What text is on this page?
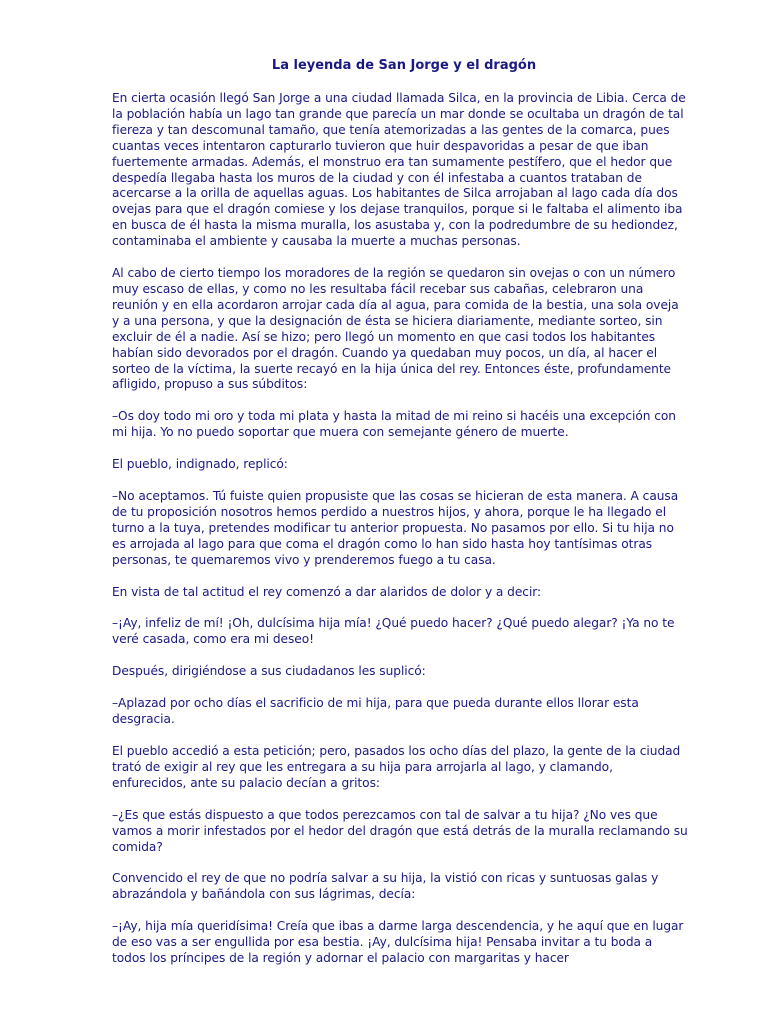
La leyenda de San Jorge y el dragón

En cierta ocasión llegó San Jorge a una ciudad llamada Silca, en la provincia de Libia. Cerca de la población había un lago tan grande que parecía un mar donde se ocultaba un dragón de tal fiereza y tan descomunal tamaño, que tenía atemorizadas a las gentes de la comarca, pues cuantas veces intentaron capturarlo tuvieron que huir despavoridas a pesar de que iban fuertemente armadas. Además, el monstruo era tan sumamente pestífero, que el hedor que despedía llegaba hasta los muros de la ciudad y con él infestaba a cuantos trataban de acercarse a la orilla de aquellas aguas. Los habitantes de Silca arrojaban al lago cada día dos ovejas para que el dragón comiese y los dejase tranquilos, porque si le faltaba el alimento iba en busca de él hasta la misma muralla, los asustaba y, con la podredumbre de su hediondez, contaminaba el ambiente y causaba la muerte a muchas personas.

Al cabo de cierto tiempo los moradores de la región se quedaron sin ovejas o con un número muy escaso de ellas, y como no les resultaba fácil recebar sus cabañas, celebraron una reunión y en ella acordaron arrojar cada día al agua, para comida de la bestia, una sola oveja y a una persona, y que la designación de ésta se hiciera diariamente, mediante sorteo, sin excluir de él a nadie. Así se hizo; pero llegó un momento en que casi todos los habitantes habían sido devorados por el dragón. Cuando ya quedaban muy pocos, un día, al hacer el sorteo de la víctima, la suerte recayó en la hija única del rey. Entonces éste, profundamente afligido, propuso a sus súbditos:

–Os doy todo mi oro y toda mi plata y hasta la mitad de mi reino si hacéis una excepción con mi hija. Yo no puedo soportar que muera con semejante género de muerte.

El pueblo, indignado, replicó:

–No aceptamos. Tú fuiste quien propusiste que las cosas se hicieran de esta manera. A causa de tu proposición nosotros hemos perdido a nuestros hijos, y ahora, porque le ha llegado el turno a la tuya, pretendes modificar tu anterior propuesta. No pasamos por ello. Si tu hija no es arrojada al lago para que coma el dragón como lo han sido hasta hoy tantísimas otras personas, te quemaremos vivo y prenderemos fuego a tu casa.

En vista de tal actitud el rey comenzó a dar alaridos de dolor y a decir:

–¡Ay, infeliz de mí! ¡Oh, dulcísima hija mía! ¿Qué puedo hacer? ¿Qué puedo alegar? ¡Ya no te veré casada, como era mi deseo!

Después, dirigiéndose a sus ciudadanos les suplicó:

–Aplazad por ocho días el sacrificio de mi hija, para que pueda durante ellos llorar esta desgracia.

El pueblo accedió a esta petición; pero, pasados los ocho días del plazo, la gente de la ciudad trató de exigir al rey que les entregara a su hija para arrojarla al lago, y clamando, enfurecidos, ante su palacio decían a gritos:

–¿Es que estás dispuesto a que todos perezcamos con tal de salvar a tu hija? ¿No ves que vamos a morir infestados por el hedor del dragón que está detrás de la muralla reclamando su comida?

Convencido el rey de que no podría salvar a su hija, la vistió con ricas y suntuosas galas y abrazándola y bañándola con sus lágrimas, decía:

–¡Ay, hija mía queridísima! Creía que ibas a darme larga descendencia, y he aquí que en lugar de eso vas a ser engullida por esa bestia. ¡Ay, dulcísima hija! Pensaba invitar a tu boda a todos los príncipes de la región y adornar el palacio con margaritas y hacer
